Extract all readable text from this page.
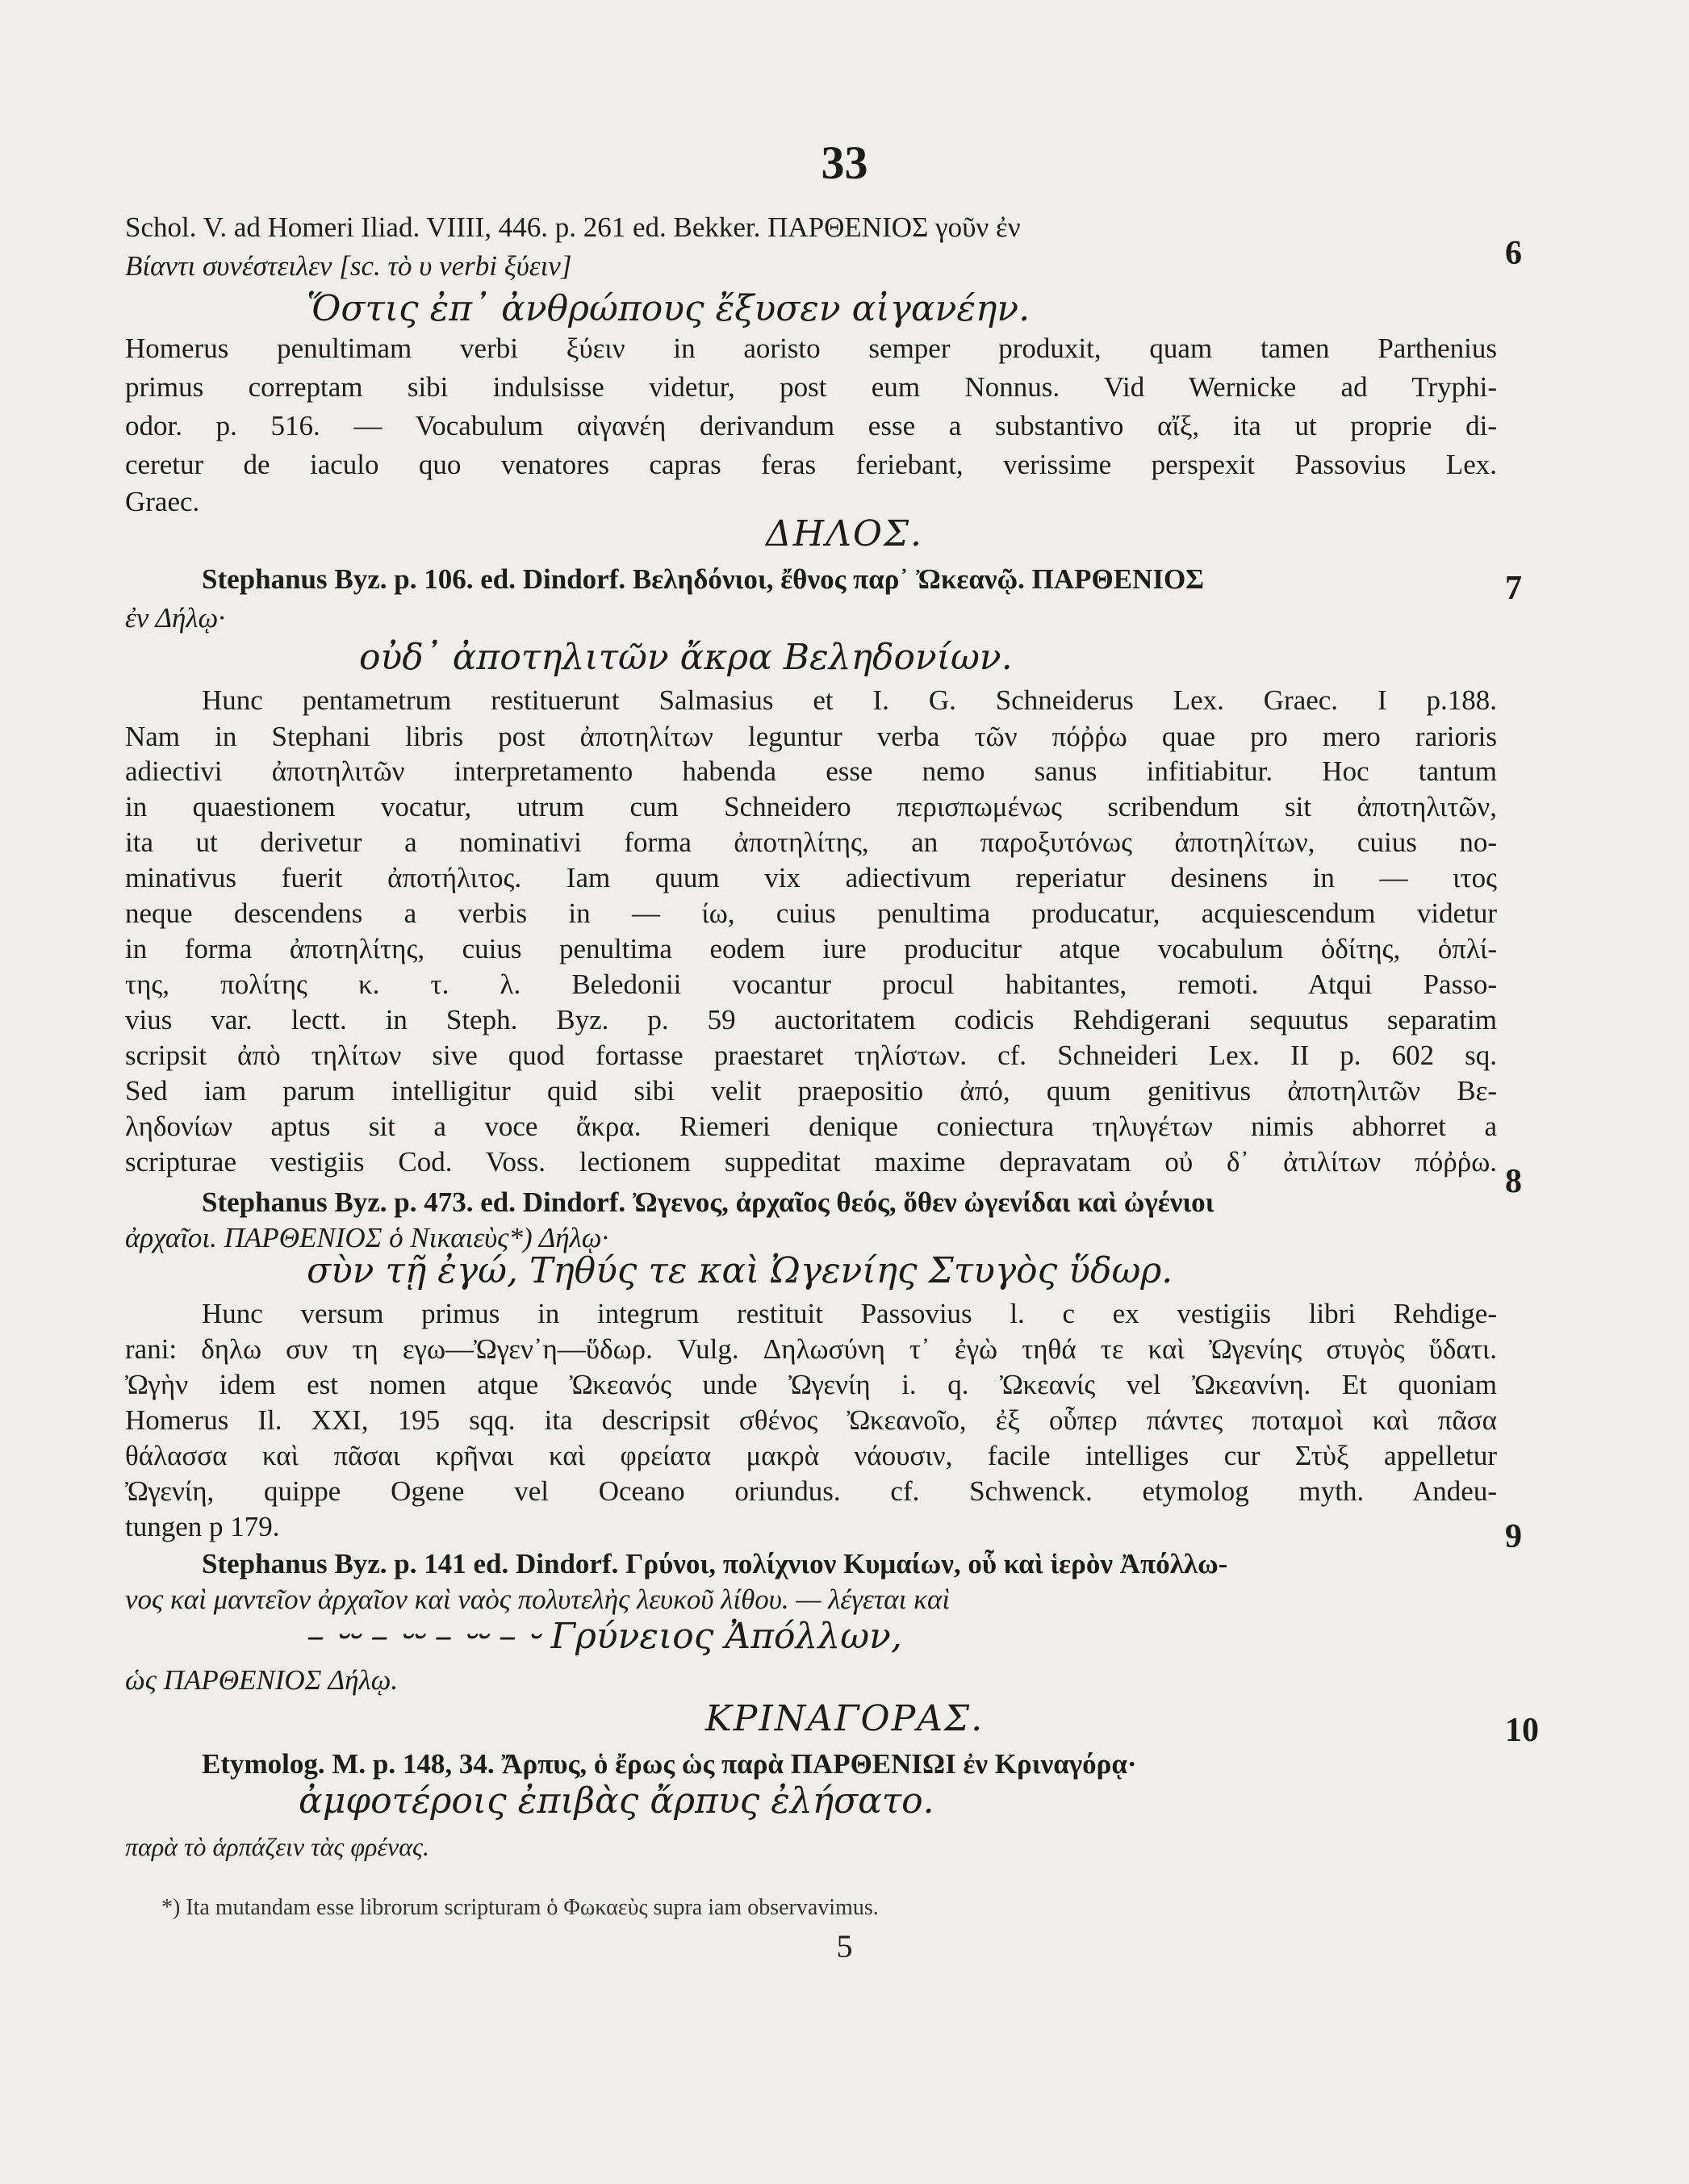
33
Schol. V. ad Homeri Iliad. VIIII, 446. p. 261 ed. Bekker. ΠΑΡΘΕΝΙΟΣ γοῦν ἐν
6
Βίαντι συνέστειλεν [sc. τὸ υ verbi ξύειν]
Ὅστις ἐπ᾿ ἀνθρώπους ἔξυσεν αἰγανέην.
Homerus penultimam verbi ξύειν in aoristo semper produxit, quam tamen Parthenius
primus correptam sibi indulsisse videtur, post eum Nonnus. Vid Wernicke ad Tryphi-
odor. p. 516. — Vocabulum αἰγανέη derivandum esse a substantivo αἴξ, ita ut proprie di-
ceretur de iaculo quo venatores capras feras feriebant, verissime perspexit Passovius Lex.
Graec.
ΔΗΛΟΣ.
Stephanus Byz. p. 106. ed. Dindorf. Βεληδόνιοι, ἔθνος παρ᾿ Ὠκεανῷ. ΠΑΡΘΕΝΙΟΣ	7
ἐν Δήλῳ·
οὐδ᾿ ἀποτηλιτῶν ἄκρα Βεληδονίων.
Hunc pentametrum restituerunt Salmasius et I. G. Schneiderus Lex. Graec. I p.188.
Nam in Stephani libris post ἀποτηλίτων leguntur verba τῶν πόῤῥω quae pro mero rarioris
adiectivi ἀποτηλιτῶν interpretamento habenda esse nemo sanus infitiabitur. Hoc tantum
in quaestionem vocatur, utrum cum Schneidero περισπωμένως scribendum sit ἀποτηλιτῶν,
ita ut derivetur a nominativi forma ἀποτηλίτης, an παροξυτόνως ἀποτηλίτων, cuius no-
minativus fuerit ἀποτήλιτος. Iam quum vix adiectivum reperiatur desinens in — ιτος
neque descendens a verbis in — ίω, cuius penultima producatur, acquiescendum videtur
in forma ἀποτηλίτης, cuius penultima eodem iure producitur atque vocabulum ὁδίτης, ὁπλί-
της, πολίτης κ. τ. λ. Beledonii vocantur procul habitantes, remoti. Atqui Passo-
vius var. lectt. in Steph. Byz. p. 59 auctoritatem codicis Rehdigerani sequutus separatim
scripsit ἀπὸ τηλίτων sive quod fortasse praestaret τηλίστων. cf. Schneideri Lex. II p. 602 sq.
Sed iam parum intelligitur quid sibi velit praepositio ἀπό, quum genitivus ἀποτηλιτῶν Βε-
ληδονίων aptus sit a voce ἄκρα. Riemeri denique coniectura τηλυγέτων nimis abhorret a
scripturae vestigiis Cod. Voss. lectionem suppeditat maxime depravatam οὐ δ᾿ ἀτιλίτων πόῤῥω.
Stephanus Byz. p. 473. ed. Dindorf. Ὠγενος, ἀρχαῖος θεός, ὅθεν ὠγενίδαι καὶ ὠγένιοι
8
ἀρχαῖοι. ΠΑΡΘΕΝΙΟΣ ὁ Νικαιεὺς*) Δήλῳ·
σὺν τῇ ἐγώ, Τηθύς τε καὶ Ὠγενίης Στυγὸς ὕδωρ.
Hunc versum primus in integrum restituit Passovius l. c ex vestigiis libri Rehdige-
rani: δηλω συν τη εγω—Ὠγεν᾿η—ὕδωρ. Vulg. Δηλωσύνη τ᾿ ἐγὼ τηθά τε καὶ Ὠγενίης στυγὸς ὕδατι.
Ὠγὴν idem est nomen atque Ὠκεανός unde Ὠγενίη i. q. Ὠκεανίς vel Ὠκεανίνη. Et quoniam
Homerus Il. XXI, 195 sqq. ita descripsit σθένος Ὠκεανοῖο, ἐξ οὗπερ πάντες ποταμοὶ καὶ πᾶσα
θάλασσα καὶ πᾶσαι κρῆναι καὶ φρείατα μακρὰ νάουσιν, facile intelliges cur Στὺξ appelletur
Ὠγενίη, quippe Ogene vel Oceano oriundus. cf. Schwenck. etymolog myth. Andeu-
tungen p 179.
Stephanus Byz. p. 141 ed. Dindorf. Γρύνοι, πολίχνιον Κυμαίων, οὗ καὶ ἱερὸν Ἀπόλλω-
9
νος καὶ μαντεῖον ἀρχαῖον καὶ ναὸς πολυτελὴς λευκοῦ λίθου. — λέγεται καὶ
– ⏑⏑ – ⏑⏑ – ⏑⏑ – ⏑ Γρύνειος Ἀπόλλων,
ὡς ΠΑΡΘΕΝΙΟΣ Δήλῳ.
ΚΡΙΝΑΓΟΡΑΣ.	10
Etymolog. M. p. 148, 34. Ἄρπυς, ὁ ἔρως ὡς παρὰ ΠΑΡΘΕΝΙΩΙ ἐν Κριναγόρᾳ·
ἀμφοτέροις ἐπιβὰς ἄρπυς ἐλήσατο.
παρὰ τὸ ἁρπάζειν τὰς φρένας.
*) Ita mutandam esse librorum scripturam ὁ Φωκαεὺς supra iam observavimus.
5
